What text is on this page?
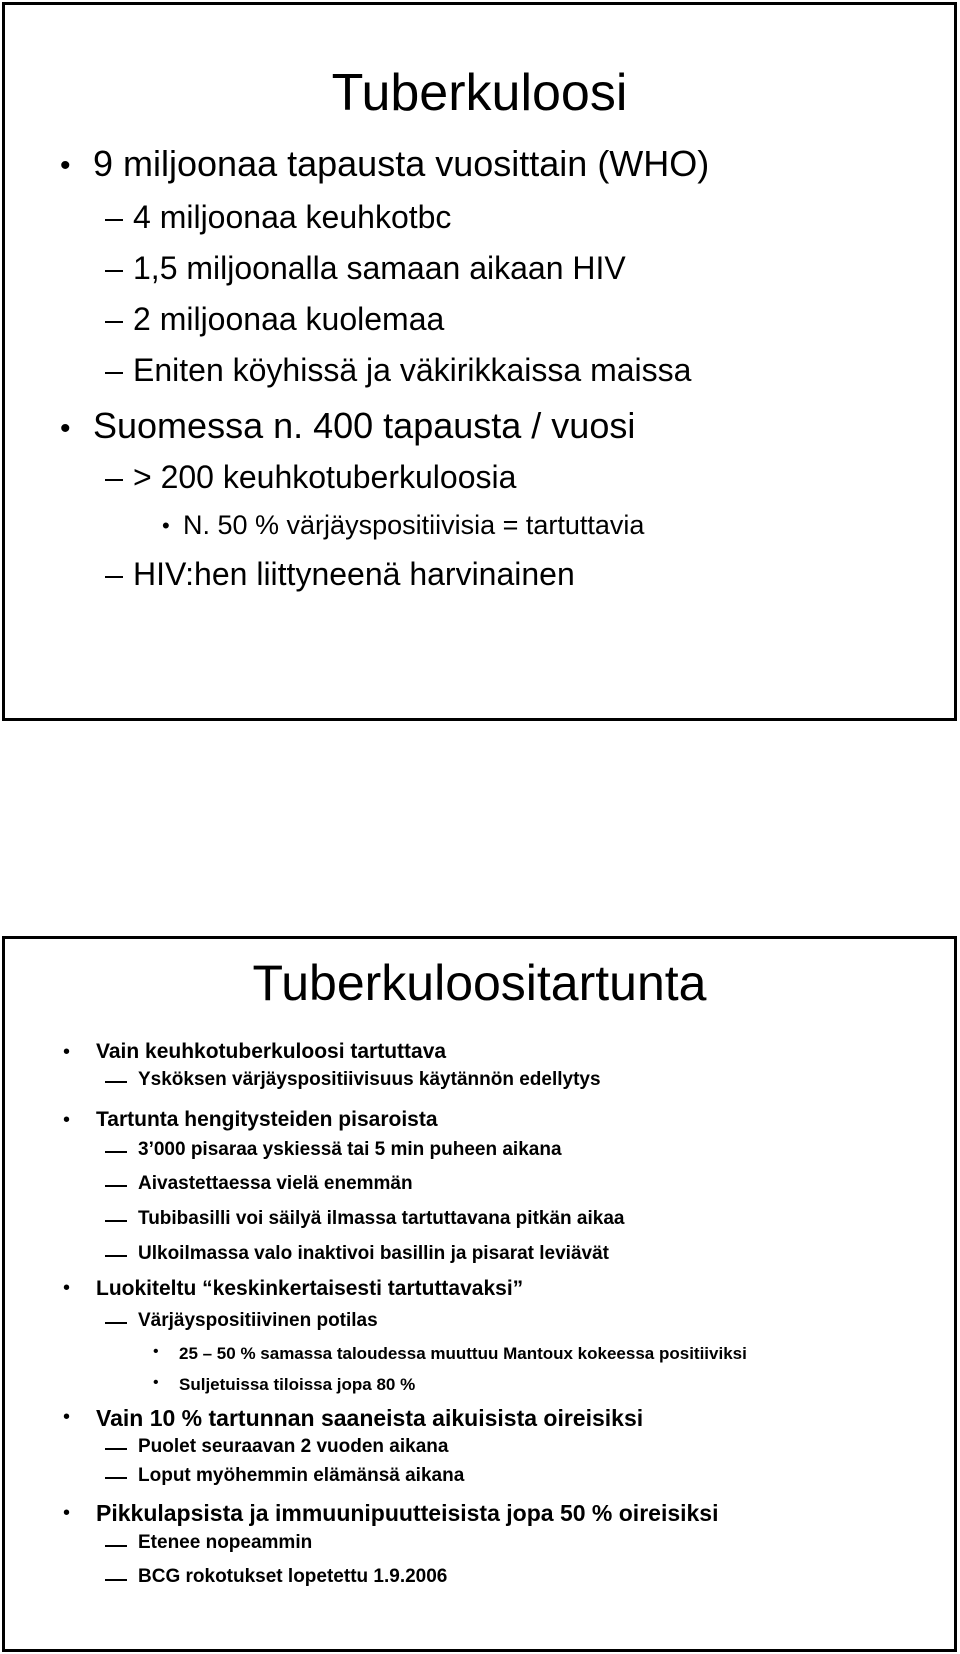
Tuberkuloosi
• 9 miljoonaa tapausta vuosittain (WHO)
4 miljoonaa keuhkotbc
1,5 miljoonalla samaan aikaan HIV
2 miljoonaa kuolemaa
Eniten köyhissä ja väkirikkaissa maissa
• Suomessa n. 400 tapausta / vuosi
> 200 keuhkotuberkuloosia
• N. 50 % värjäyspositiivisia = tartuttavia
HIV:hen liittyneenä harvinainen
Tuberkuloositartunta
• Vain keuhkotuberkuloosi tartuttava
Ysköksen värjäyspositiivisuus käytännön edellytys
• Tartunta hengitysteiden pisaroista
3’000 pisaraa yskiessä tai 5 min puheen aikana
Aivastettaessa vielä enemmän
Tubibasilli voi säilyä ilmassa tartuttavana pitkän aikaa
Ulkoilmassa valo inaktivoi basillin ja pisarat leviävät
• Luokiteltu “keskinkertaisesti tartuttavaksi”
Värjäyspositiivinen potilas
• 25 – 50 % samassa taloudessa muuttuu Mantoux kokeessa positiiviksi
• Suljetuissa tiloissa jopa 80 %
• Vain 10 % tartunnan saaneista aikuisista oireisiksi
Puolet seuraavan 2 vuoden aikana
Loput myöhemmin elämänsä aikana
• Pikkulapsista ja immuunipuutteisista jopa 50 % oireisiksi
Etenee nopeammin
BCG rokotukset lopetettu 1.9.2006
